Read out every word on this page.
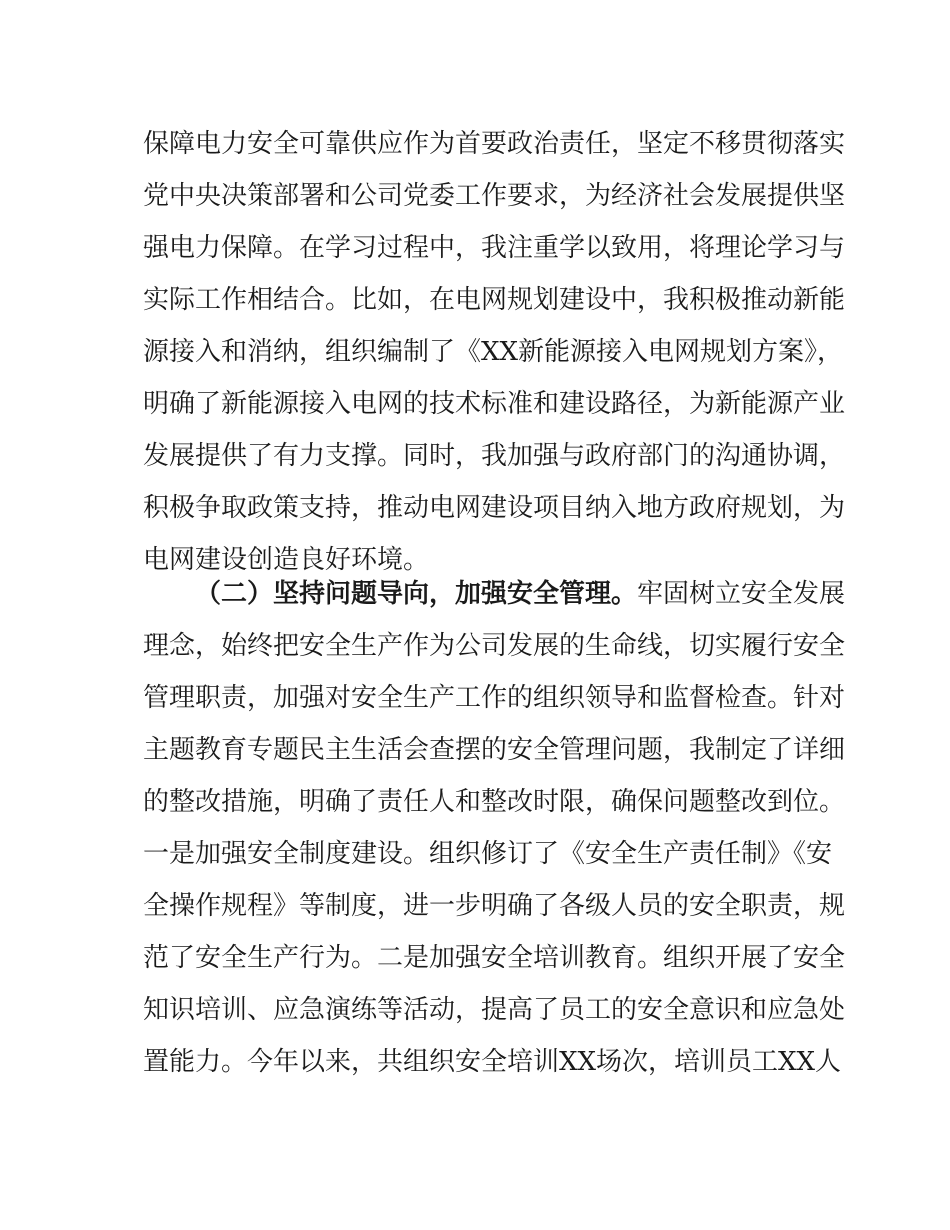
保障电力安全可靠供应作为首要政治责任，坚定不移贯彻落实
党中央决策部署和公司党委工作要求，为经济社会发展提供坚
强电力保障。在学习过程中，我注重学以致用，将理论学习与
实际工作相结合。比如，在电网规划建设中，我积极推动新能
源接入和消纳，组织编制了《XX新能源接入电网规划方案》，
明确了新能源接入电网的技术标准和建设路径，为新能源产业
发展提供了有力支撑。同时，我加强与政府部门的沟通协调，
积极争取政策支持，推动电网建设项目纳入地方政府规划，为
电网建设创造良好环境。
（二）坚持问题导向，加强安全管理。牢固树立安全发展
理念，始终把安全生产作为公司发展的生命线，切实履行安全
管理职责，加强对安全生产工作的组织领导和监督检查。针对
主题教育专题民主生活会查摆的安全管理问题，我制定了详细
的整改措施，明确了责任人和整改时限，确保问题整改到位。
一是加强安全制度建设。组织修订了《安全生产责任制》《安
全操作规程》等制度，进一步明确了各级人员的安全职责，规
范了安全生产行为。二是加强安全培训教育。组织开展了安全
知识培训、应急演练等活动，提高了员工的安全意识和应急处
置能力。今年以来，共组织安全培训XX场次，培训员工XX人
